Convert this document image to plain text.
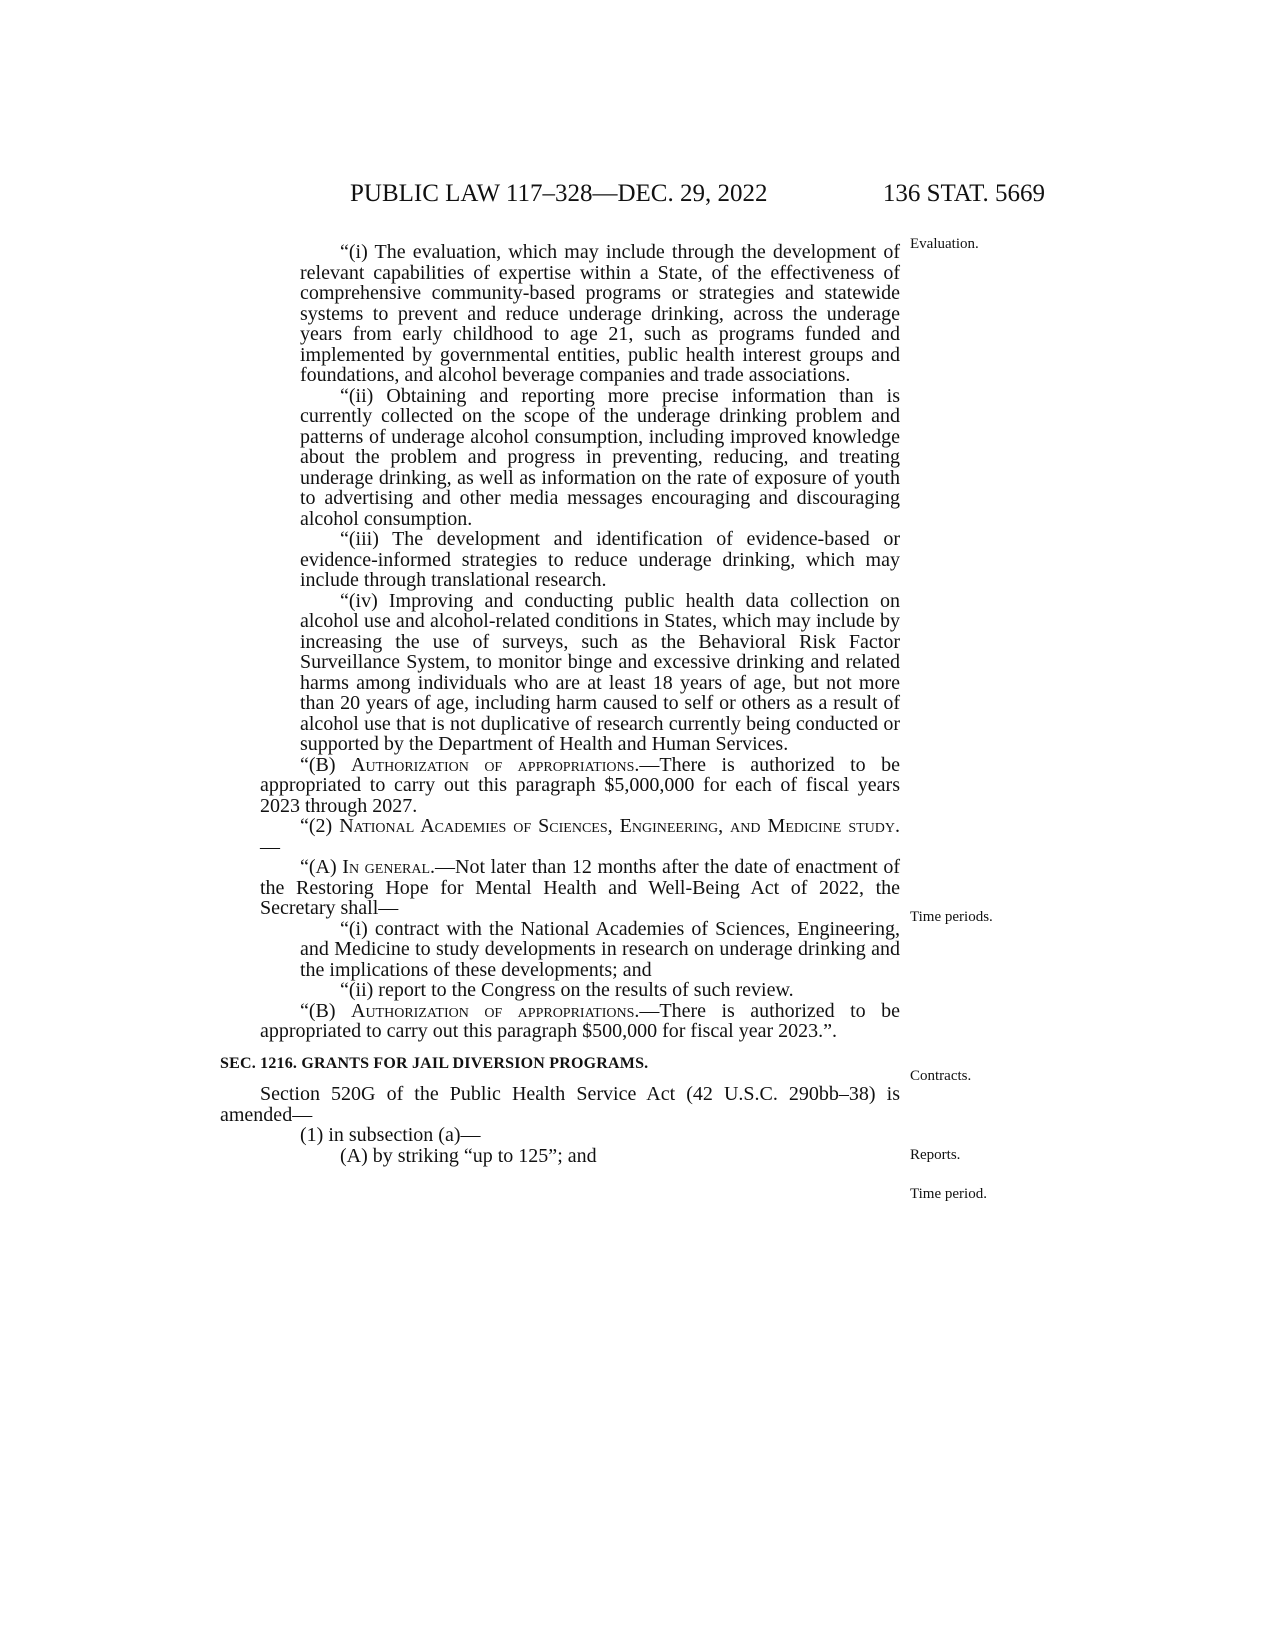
PUBLIC LAW 117–328—DEC. 29, 2022	136 STAT. 5669
Evaluation.
Time periods.
Contracts.
Reports.
Time period.

“(i) The evaluation, which may include through the development of relevant capabilities of expertise within a State, of the effectiveness of comprehensive community-based programs or strategies and statewide systems to prevent and reduce underage drinking, across the underage years from early childhood to age 21, such as programs funded and implemented by governmental entities, public health interest groups and foundations, and alcohol beverage companies and trade associations.

“(ii) Obtaining and reporting more precise information than is currently collected on the scope of the underage drinking problem and patterns of underage alcohol consumption, including improved knowledge about the problem and progress in preventing, reducing, and treating underage drinking, as well as information on the rate of exposure of youth to advertising and other media messages encouraging and discouraging alcohol consumption.

“(iii) The development and identification of evidence-based or evidence-informed strategies to reduce underage drinking, which may include through translational research.

“(iv) Improving and conducting public health data collection on alcohol use and alcohol-related conditions in States, which may include by increasing the use of surveys, such as the Behavioral Risk Factor Surveillance System, to monitor binge and excessive drinking and related harms among individuals who are at least 18 years of age, but not more than 20 years of age, including harm caused to self or others as a result of alcohol use that is not duplicative of research currently being conducted or supported by the Department of Health and Human Services.

“(B) Authorization of appropriations.—There is authorized to be appropriated to carry out this paragraph $5,000,000 for each of fiscal years 2023 through 2027.

“(2) National Academies of Sciences, Engineering, and Medicine study.—

“(A) In general.—Not later than 12 months after the date of enactment of the Restoring Hope for Mental Health and Well-Being Act of 2022, the Secretary shall—

“(i) contract with the National Academies of Sciences, Engineering, and Medicine to study developments in research on underage drinking and the implications of these developments; and

“(ii) report to the Congress on the results of such review.

“(B) Authorization of appropriations.—There is authorized to be appropriated to carry out this paragraph $500,000 for fiscal year 2023.”.

SEC. 1216. GRANTS FOR JAIL DIVERSION PROGRAMS.

Section 520G of the Public Health Service Act (42 U.S.C. 290bb–38) is amended—

(1) in subsection (a)—

(A) by striking “up to 125”; and
